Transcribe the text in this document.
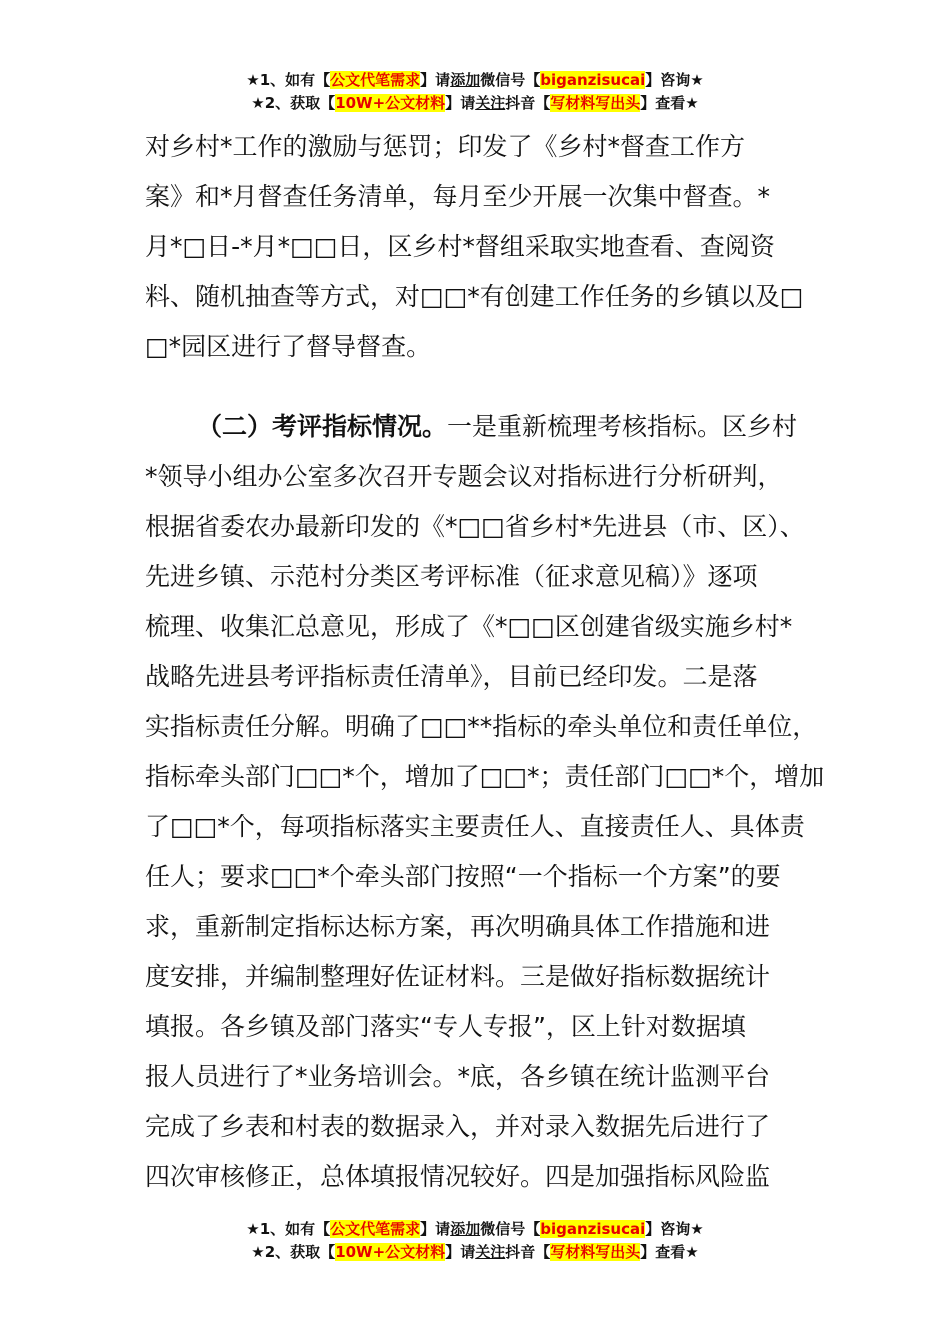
★1、如有【公文代笔需求】请添加微信号【biganzisucai】咨询★
★2、获取【10W+公文材料】请关注抖音【写材料写出头】查看★
对乡村*工作的激励与惩罚；印发了《乡村*督查工作方
案》和*月督查任务清单，每月至少开展一次集中督查。*
月*□日-*月*□□日，区乡村*督组采取实地查看、查阅资
料、随机抽查等方式，对□□*有创建工作任务的乡镇以及□
□*园区进行了督导督查。
（二）考评指标情况。一是重新梳理考核指标。区乡村
*领导小组办公室多次召开专题会议对指标进行分析研判，
根据省委农办最新印发的《*□□省乡村*先进县（市、区）、
先进乡镇、示范村分类区考评标准（征求意见稿）》逐项
梳理、收集汇总意见，形成了《*□□区创建省级实施乡村*
战略先进县考评指标责任清单》，目前已经印发。二是落
实指标责任分解。明确了□□**指标的牵头单位和责任单位，
指标牵头部门□□*个，增加了□□*；责任部门□□*个，增加
了□□*个，每项指标落实主要责任人、直接责任人、具体责
任人；要求□□*个牵头部门按照“一个指标一个方案”的要
求，重新制定指标达标方案，再次明确具体工作措施和进
度安排，并编制整理好佐证材料。三是做好指标数据统计
填报。各乡镇及部门落实“专人专报”，区上针对数据填
报人员进行了*业务培训会。*底，各乡镇在统计监测平台
完成了乡表和村表的数据录入，并对录入数据先后进行了
四次审核修正，总体填报情况较好。四是加强指标风险监
★1、如有【公文代笔需求】请添加微信号【biganzisucai】咨询★
★2、获取【10W+公文材料】请关注抖音【写材料写出头】查看★
